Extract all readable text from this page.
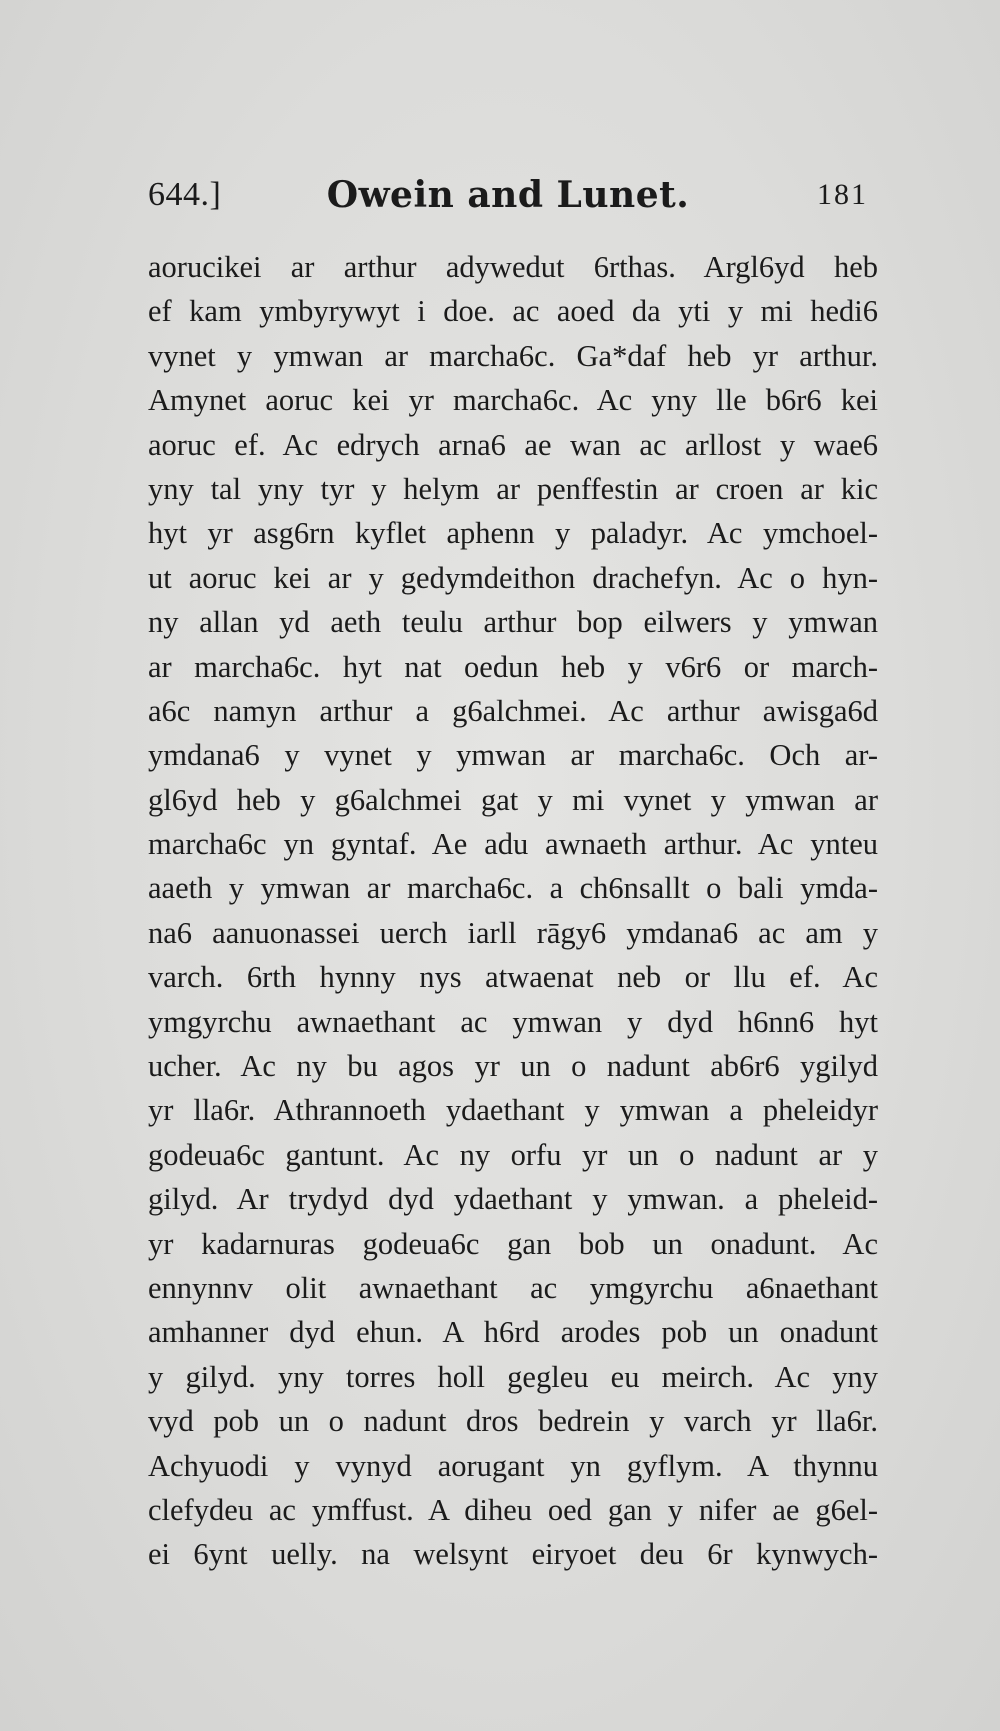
644.]	Owein and Lunet.	181
aorucikei ar arthur adywedut 6rthas. Argl6yd heb
ef kam ymbyrywyt i doe. ac aoed da yti y mi hedi6
vynet y ymwan ar marcha6c. Ga*daf heb yr arthur.
Amynet aoruc kei yr marcha6c. Ac yny lle b6r6 kei
aoruc ef. Ac edrych arna6 ae wan ac arllost y wae6
yny tal yny tyr y helym ar penffestin ar croen ar kic
hyt yr asg6rn kyflet aphenn y paladyr. Ac ymchoel-
ut aoruc kei ar y gedymdeithon drachefyn. Ac o hyn-
ny allan yd aeth teulu arthur bop eilwers y ymwan
ar marcha6c. hyt nat oedun heb y v6r6 or march-
a6c namyn arthur a g6alchmei. Ac arthur awisga6d
ymdana6 y vynet y ymwan ar marcha6c. Och ar-
gl6yd heb y g6alchmei gat y mi vynet y ymwan ar
marcha6c yn gyntaf. Ae adu awnaeth arthur. Ac ynteu
aaeth y ymwan ar marcha6c. a ch6nsallt o bali ymda-
na6 aanuonassei uerch iarll rāgy6 ymdana6 ac am y
varch. 6rth hynny nys atwaenat neb or llu ef. Ac
ymgyrchu awnaethant ac ymwan y dyd h6nn6 hyt
ucher. Ac ny bu agos yr un o nadunt ab6r6 ygilyd
yr lla6r. Athrannoeth ydaethant y ymwan a pheleidyr
godeua6c gantunt. Ac ny orfu yr un o nadunt ar y
gilyd. Ar trydyd dyd ydaethant y ymwan. a pheleid-
yr kadarnuras godeua6c gan bob un onadunt. Ac
ennynnv olit awnaethant ac ymgyrchu a6naethant
amhanner dyd ehun. A h6rd arodes pob un onadunt
y gilyd. yny torres holl gegleu eu meirch. Ac yny
vyd pob un o nadunt dros bedrein y varch yr lla6r.
Achyuodi y vynyd aorugant yn gyflym. A thynnu
clefydeu ac ymffust. A diheu oed gan y nifer ae g6el-
ei 6ynt uelly. na welsynt eiryoet deu 6r kynwych-
